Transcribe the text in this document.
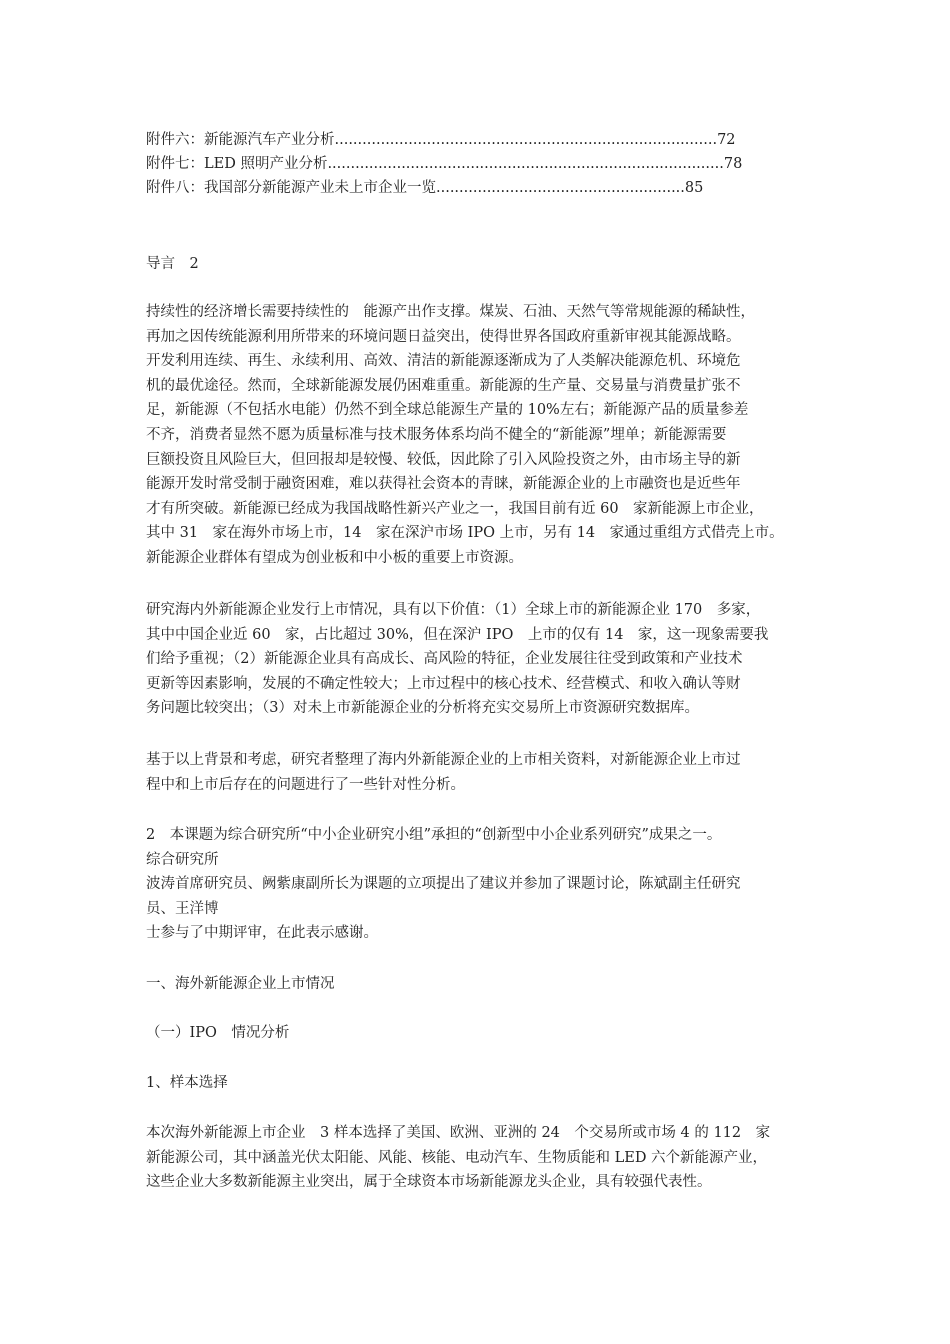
附件六：新能源汽车产业分析...................................................................................72
附件七：LED 照明产业分析......................................................................................78
附件八：我国部分新能源产业未上市企业一览......................................................85

导言　2

持续性的经济增长需要持续性的　能源产出作支撑。煤炭、石油、天然气等常规能源的稀缺性，

再加之因传统能源利用所带来的环境问题日益突出，使得世界各国政府重新审视其能源战略。

开发利用连续、再生、永续利用、高效、清洁的新能源逐渐成为了人类解决能源危机、环境危

机的最优途径。然而，全球新能源发展仍困难重重。新能源的生产量、交易量与消费量扩张不

足，新能源（不包括水电能）仍然不到全球总能源生产量的 10%左右；新能源产品的质量参差

不齐，消费者显然不愿为质量标准与技术服务体系均尚不健全的“新能源”埋单；新能源需要

巨额投资且风险巨大，但回报却是较慢、较低，因此除了引入风险投资之外，由市场主导的新

能源开发时常受制于融资困难，难以获得社会资本的青睐，新能源企业的上市融资也是近些年

才有所突破。新能源已经成为我国战略性新兴产业之一，我国目前有近 60　家新能源上市企业，

其中 31　家在海外市场上市，14　家在深沪市场 IPO 上市，另有 14　家通过重组方式借壳上市。

新能源企业群体有望成为创业板和中小板的重要上市资源。

研究海内外新能源企业发行上市情况，具有以下价值：（1）全球上市的新能源企业 170　多家，

其中中国企业近 60　家，占比超过 30%，但在深沪 IPO　上市的仅有 14　家，这一现象需要我

们给予重视；（2）新能源企业具有高成长、高风险的特征，企业发展往往受到政策和产业技术

更新等因素影响，发展的不确定性较大；上市过程中的核心技术、经营模式、和收入确认等财

务问题比较突出；（3）对未上市新能源企业的分析将充实交易所上市资源研究数据库。

基于以上背景和考虑，研究者整理了海内外新能源企业的上市相关资料，对新能源企业上市过

程中和上市后存在的问题进行了一些针对性分析。

2　本课题为综合研究所“中小企业研究小组”承担的“创新型中小企业系列研究”成果之一。

综合研究所

波涛首席研究员、阙紫康副所长为课题的立项提出了建议并参加了课题讨论，陈斌副主任研究

员、王洋博

士参与了中期评审，在此表示感谢。

一、海外新能源企业上市情况

（一）IPO　情况分析

1、样本选择

本次海外新能源上市企业　3 样本选择了美国、欧洲、亚洲的 24　个交易所或市场 4 的 112　家

新能源公司，其中涵盖光伏太阳能、风能、核能、电动汽车、生物质能和 LED 六个新能源产业，

这些企业大多数新能源主业突出，属于全球资本市场新能源龙头企业，具有较强代表性。
